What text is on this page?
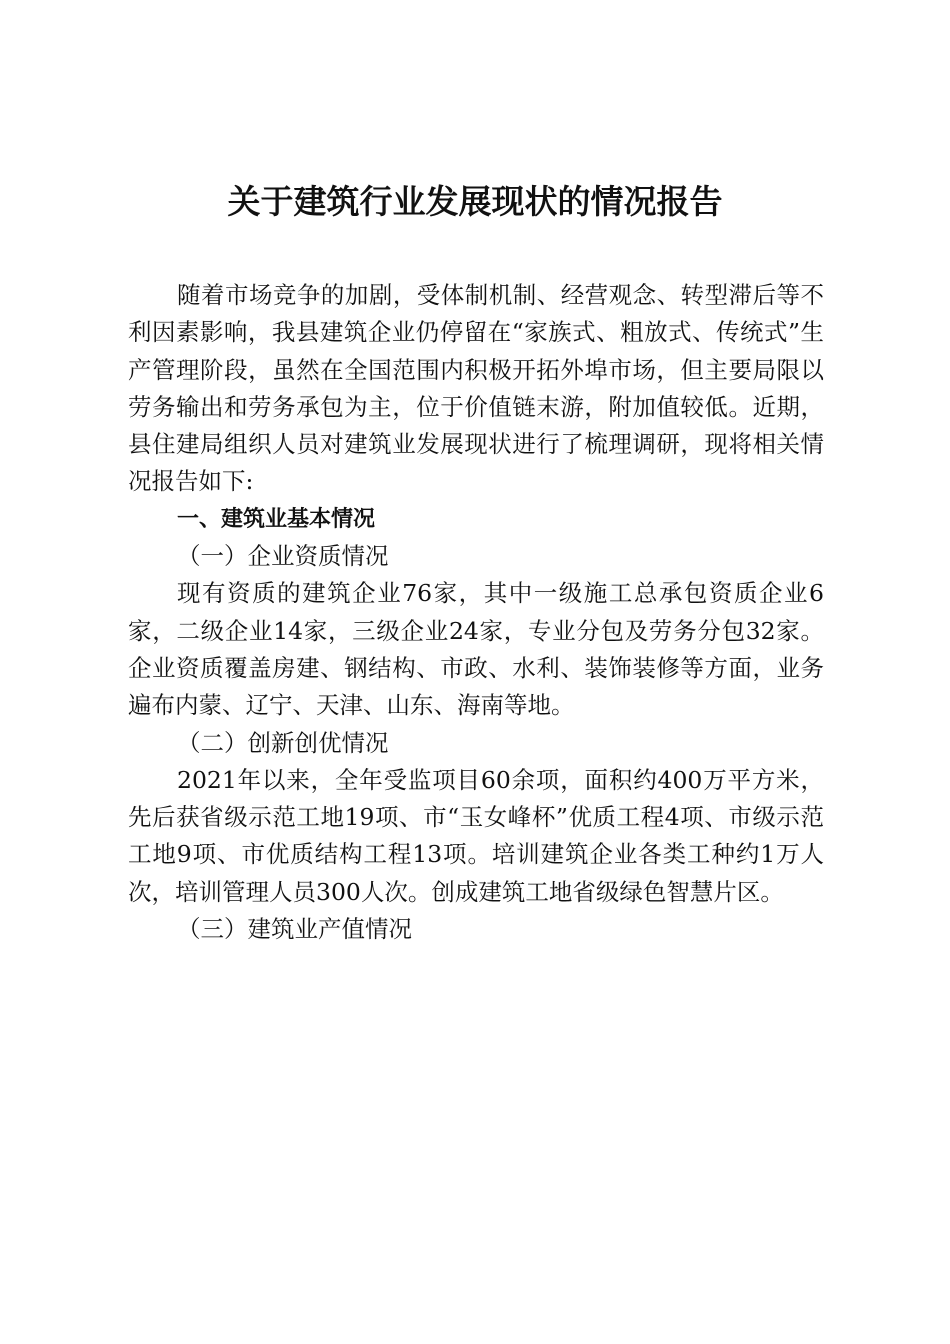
关于建筑行业发展现状的情况报告

随着市场竞争的加剧，受体制机制、经营观念、转型滞后等不利因素影响，我县建筑企业仍停留在“家族式、粗放式、传统式”生产管理阶段，虽然在全国范围内积极开拓外埠市场，但主要局限以劳务输出和劳务承包为主，位于价值链末游，附加值较低。近期，县住建局组织人员对建筑业发展现状进行了梳理调研，现将相关情况报告如下:

一、建筑业基本情况

（一）企业资质情况

现有资质的建筑企业76家，其中一级施工总承包资质企业6家，二级企业14家，三级企业24家，专业分包及劳务分包32家。企业资质覆盖房建、钢结构、市政、水利、装饰装修等方面，业务遍布内蒙、辽宁、天津、山东、海南等地。

（二）创新创优情况

2021年以来，全年受监项目60余项，面积约400万平方米，先后获省级示范工地19项、市“玉女峰杯”优质工程4项、市级示范工地9项、市优质结构工程13项。培训建筑企业各类工种约1万人次，培训管理人员300人次。创成建筑工地省级绿色智慧片区。

（三）建筑业产值情况
